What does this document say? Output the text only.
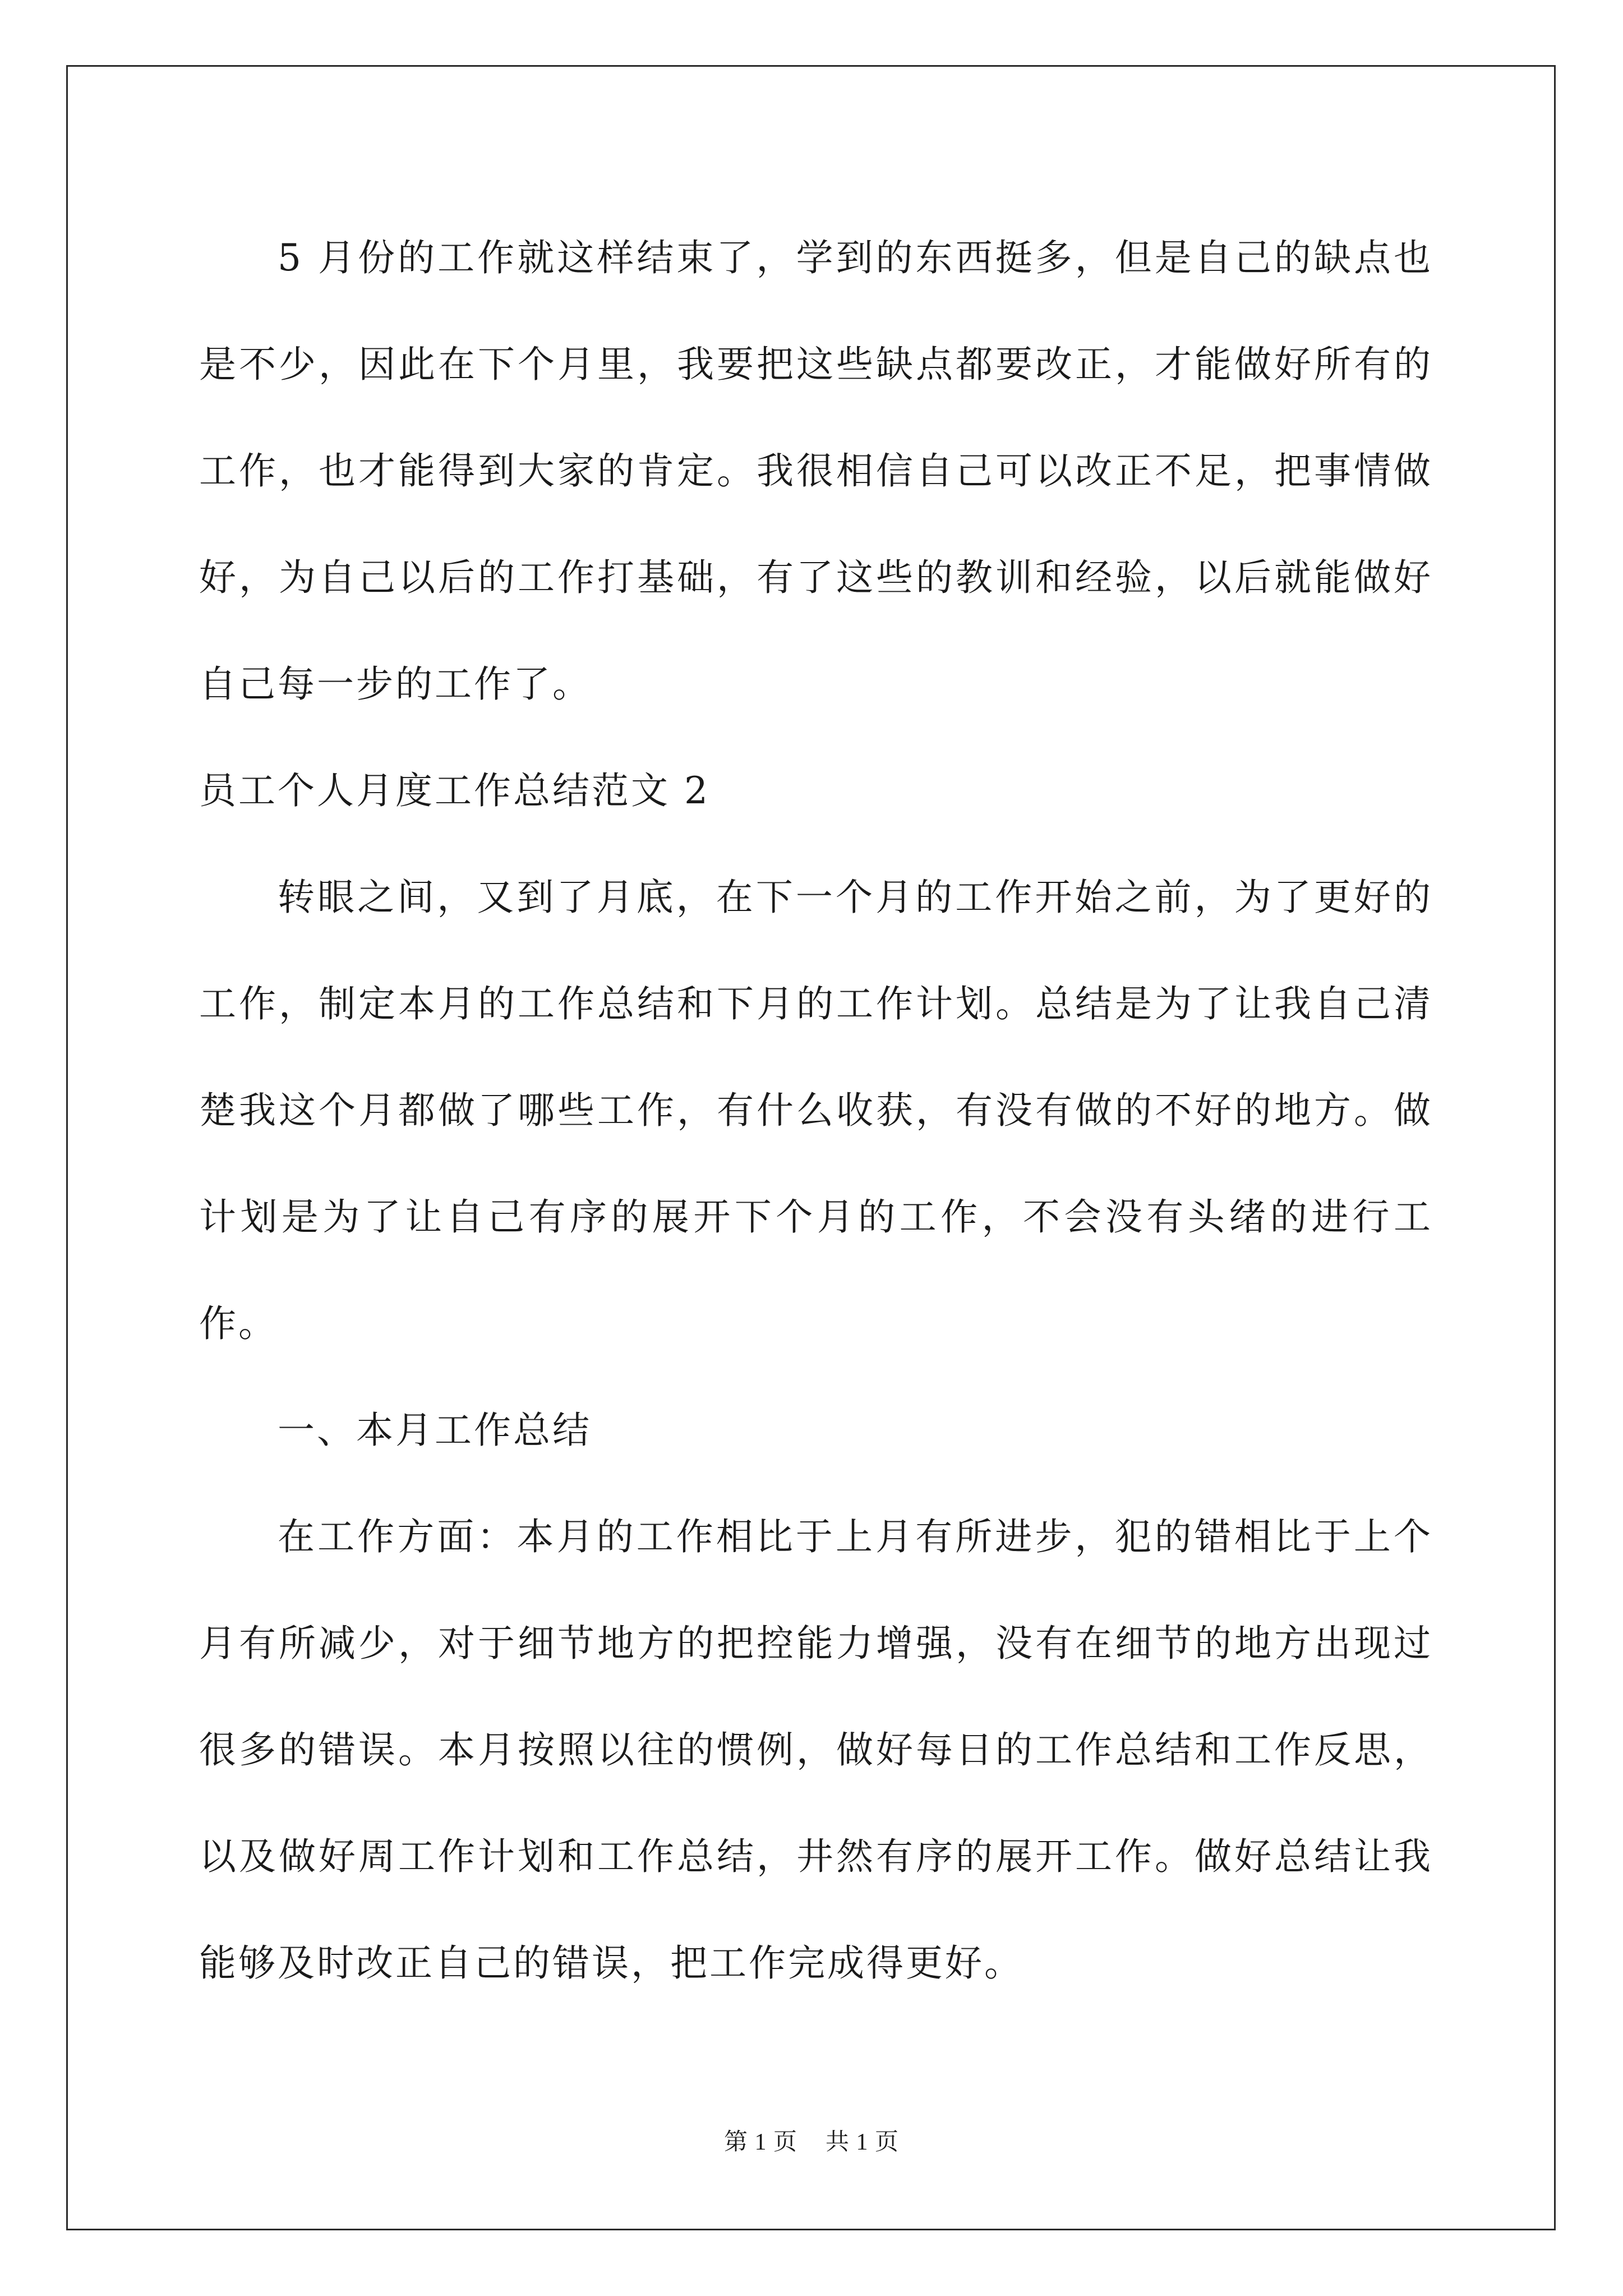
5 月份的工作就这样结束了，学到的东西挺多，但是自己的缺点也是不少，因此在下个月里，我要把这些缺点都要改正，才能做好所有的工作，也才能得到大家的肯定。我很相信自己可以改正不足，把事情做好，为自己以后的工作打基础，有了这些的教训和经验，以后就能做好自己每一步的工作了。

员工个人月度工作总结范文 2

转眼之间，又到了月底，在下一个月的工作开始之前，为了更好的工作，制定本月的工作总结和下月的工作计划。总结是为了让我自己清楚我这个月都做了哪些工作，有什么收获，有没有做的不好的地方。做计划是为了让自己有序的展开下个月的工作，不会没有头绪的进行工作。

一、本月工作总结

在工作方面：本月的工作相比于上月有所进步，犯的错相比于上个月有所减少，对于细节地方的把控能力增强，没有在细节的地方出现过很多的错误。本月按照以往的惯例，做好每日的工作总结和工作反思，以及做好周工作计划和工作总结，井然有序的展开工作。做好总结让我能够及时改正自己的错误，把工作完成得更好。

第 1 页 共 1 页
